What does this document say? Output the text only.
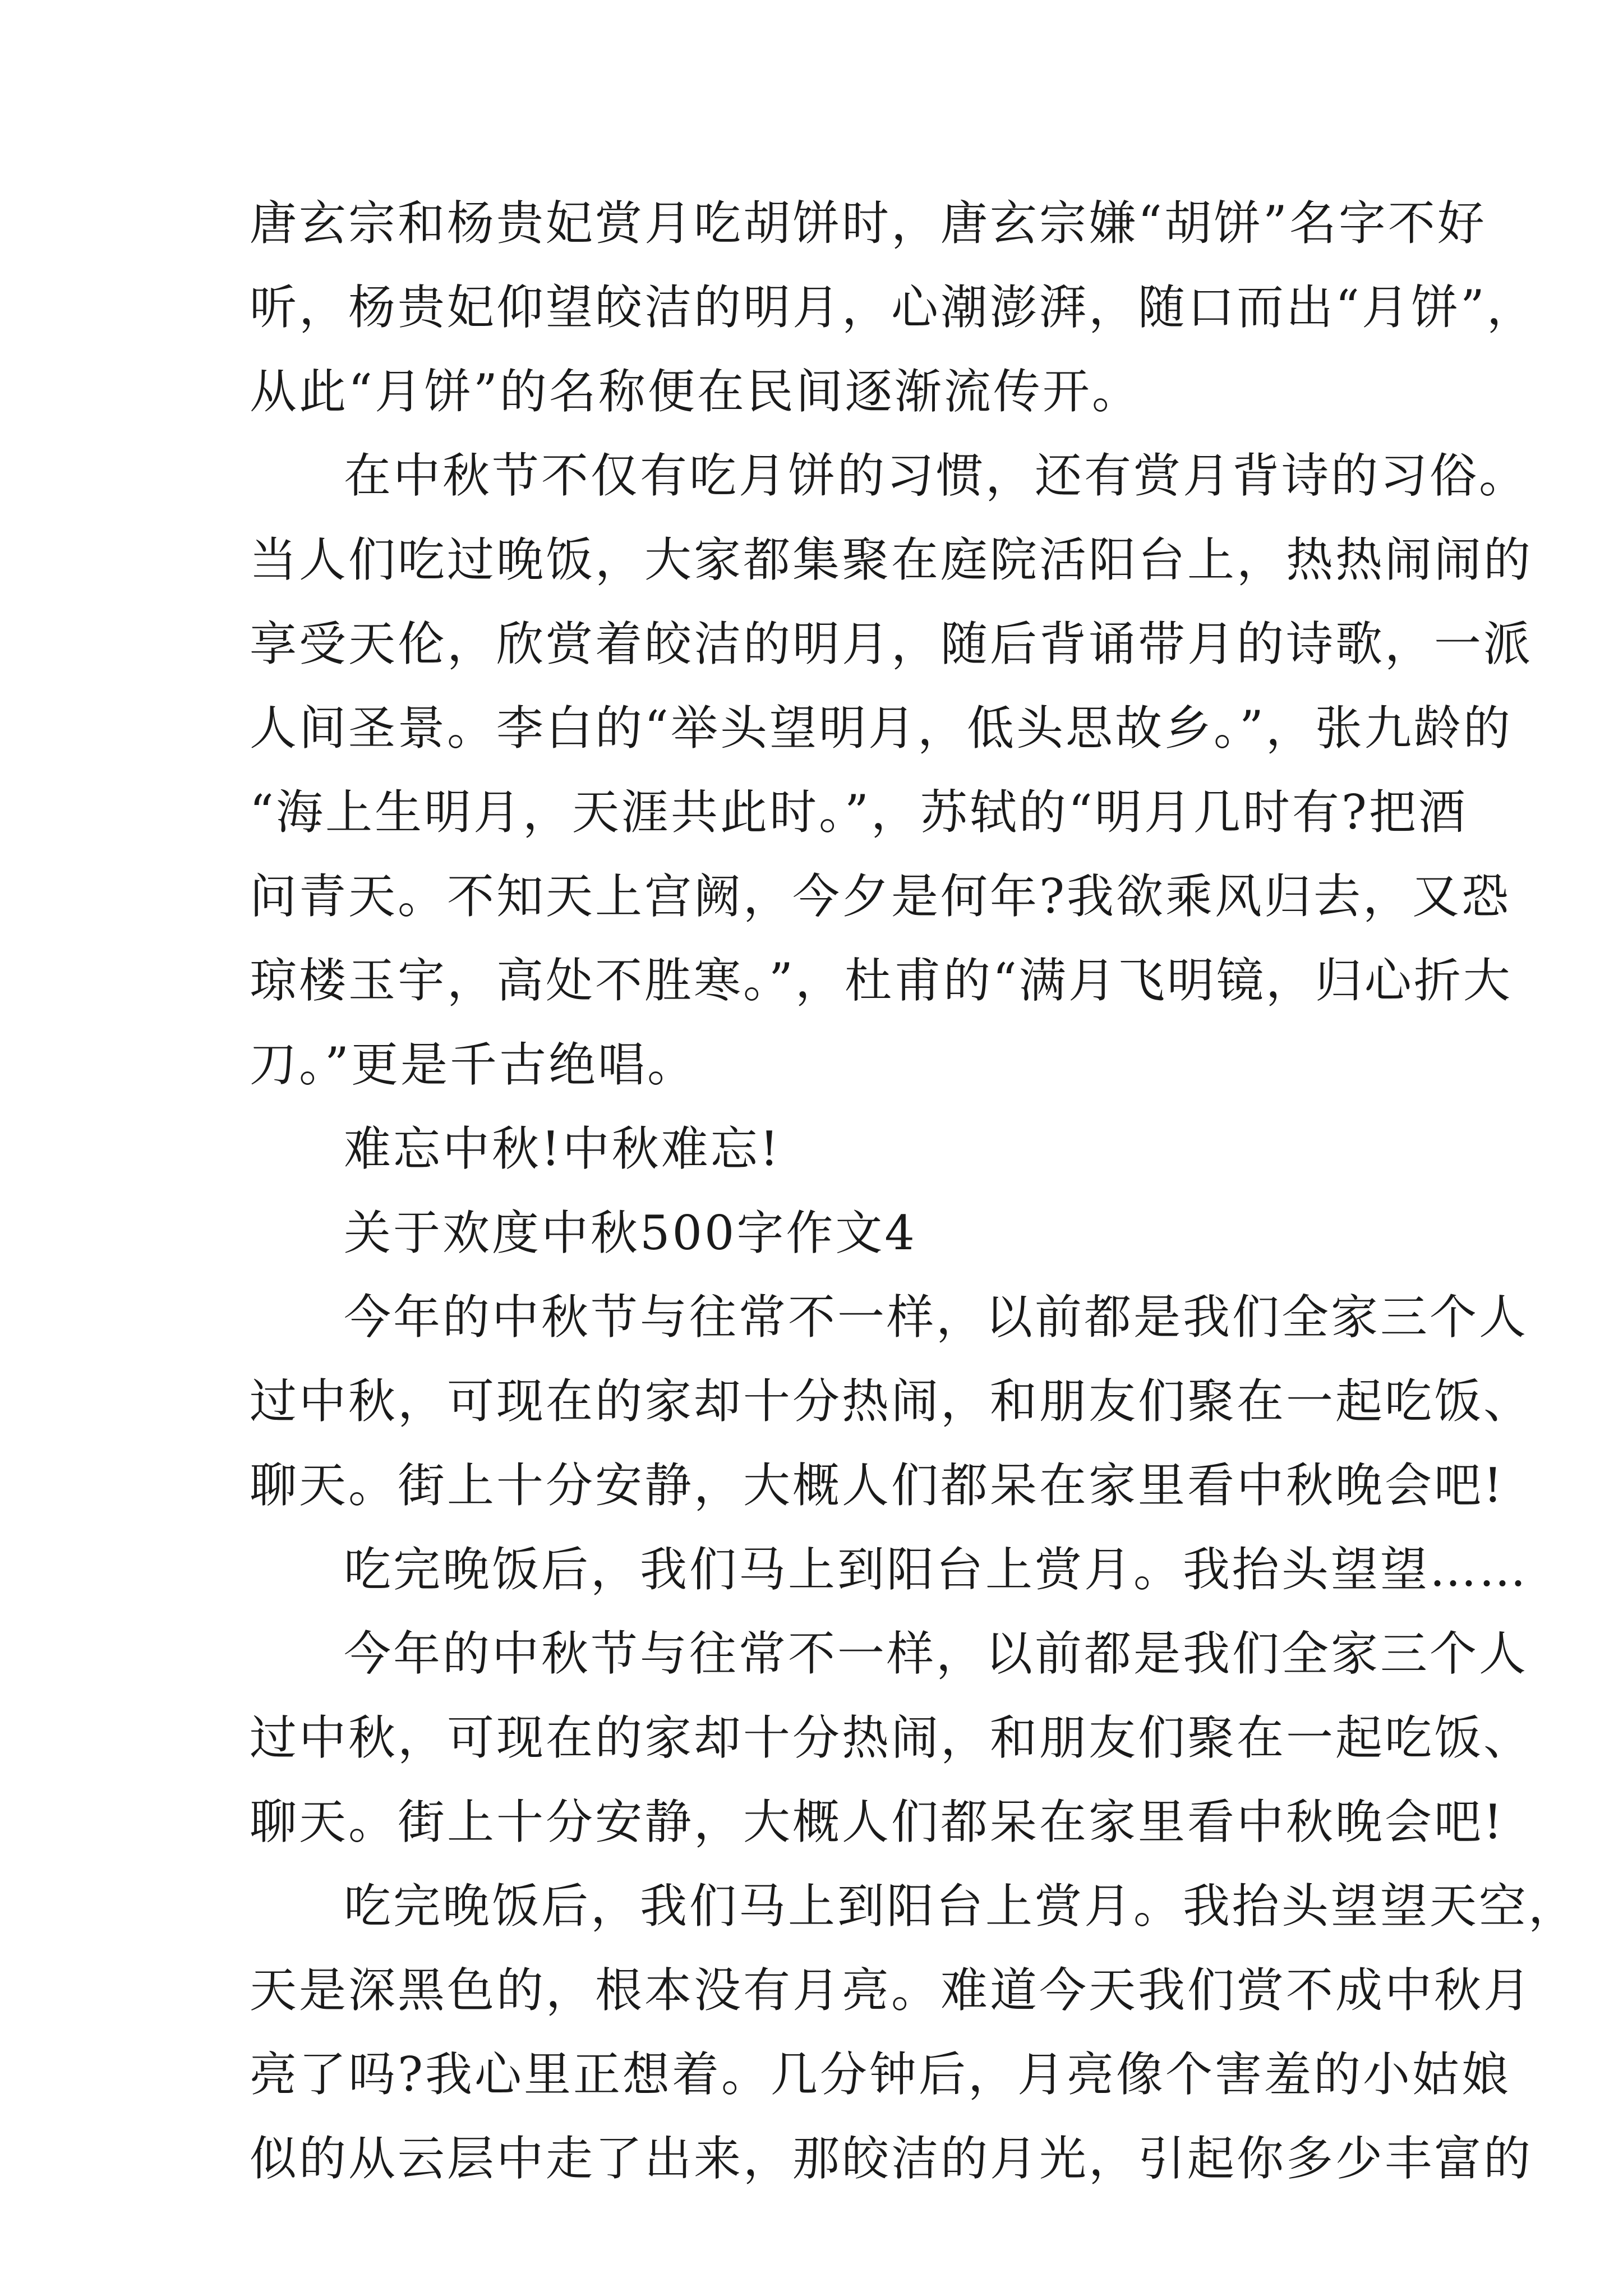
唐玄宗和杨贵妃赏月吃胡饼时，唐玄宗嫌“胡饼”名字不好
听，杨贵妃仰望皎洁的明月，心潮澎湃，随口而出“月饼”，
从此“月饼”的名称便在民间逐渐流传开。
在中秋节不仅有吃月饼的习惯，还有赏月背诗的习俗。
当人们吃过晚饭，大家都集聚在庭院活阳台上，热热闹闹的
享受天伦，欣赏着皎洁的明月，随后背诵带月的诗歌，一派
人间圣景。李白的“举头望明月，低头思故乡。”，张九龄的
“海上生明月，天涯共此时。”，苏轼的“明月几时有?把酒
问青天。不知天上宫阙，今夕是何年?我欲乘风归去，又恐
琼楼玉宇，高处不胜寒。”，杜甫的“满月飞明镜，归心折大
刀。”更是千古绝唱。
难忘中秋!中秋难忘!
关于欢度中秋500字作文4
今年的中秋节与往常不一样，以前都是我们全家三个人
过中秋，可现在的家却十分热闹，和朋友们聚在一起吃饭、
聊天。街上十分安静，大概人们都呆在家里看中秋晚会吧!
吃完晚饭后，我们马上到阳台上赏月。我抬头望望……
今年的中秋节与往常不一样，以前都是我们全家三个人
过中秋，可现在的家却十分热闹，和朋友们聚在一起吃饭、
聊天。街上十分安静，大概人们都呆在家里看中秋晚会吧!
吃完晚饭后，我们马上到阳台上赏月。我抬头望望天空，
天是深黑色的，根本没有月亮。难道今天我们赏不成中秋月
亮了吗?我心里正想着。几分钟后，月亮像个害羞的小姑娘
似的从云层中走了出来，那皎洁的月光，引起你多少丰富的
